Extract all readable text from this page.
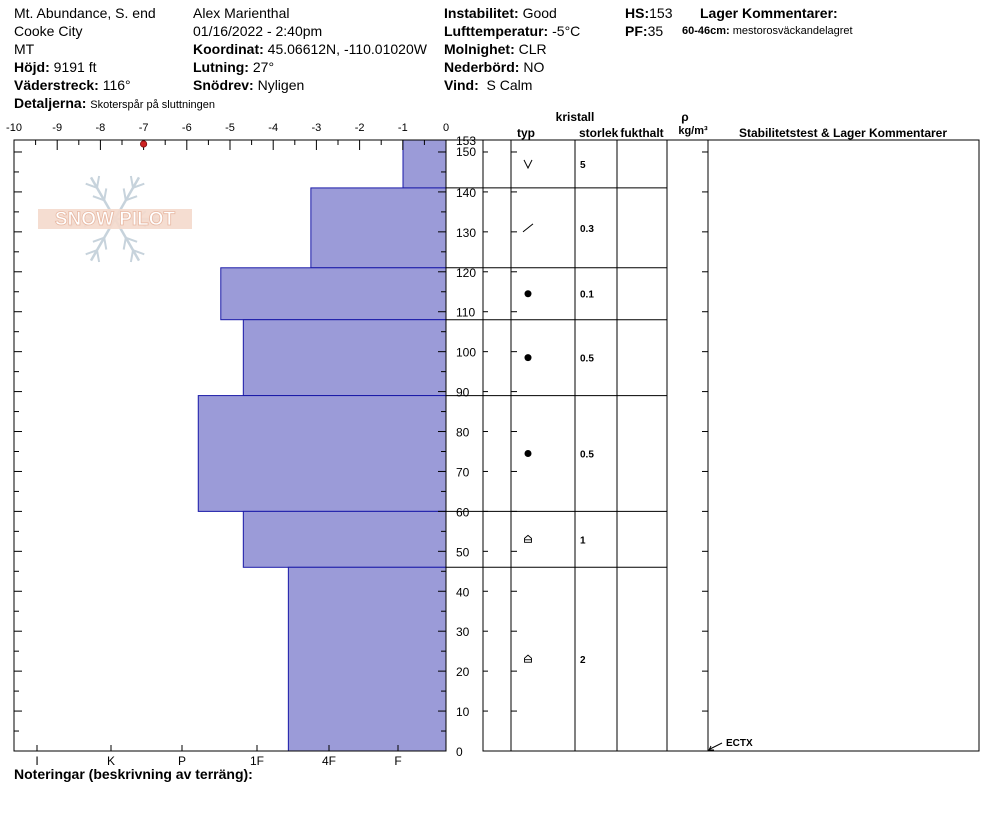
Mt. Abundance, S. end
Cooke City
MT
Höjd: 9191 ft
Väderstreck: 116°
Detaljerna: Skoterspår på sluttningen
Alex Marienthal
01/16/2022 - 2:40pm
Koordinat: 45.06612N, -110.01020W
Lutning: 27°
Snödrev: Nyligen
Instabilitet: Good
Lufttemperatur: -5°C
Molnighet: CLR
Nederbörd: NO
Vind: S Calm
HS:153
PF:35
Lager Kommentarer:
60-46cm: mestorosväckandelagret
SNOW PILOT
-10	-9	-8	-7	-6	-5	-4	-3	-2	-1	0
0
10
20
30
40
50
60
70
80
90
100
110
120
130
140
150
153
I	K	P	1F	4F	F
kristall
typ	storlek fukthalt
ρ
kg/m³	Stabilitetstest & Lager Kommentarer
5
0.3
0.1
0.5
0.5
1
2
ECTX
Noteringar (beskrivning av terräng):
